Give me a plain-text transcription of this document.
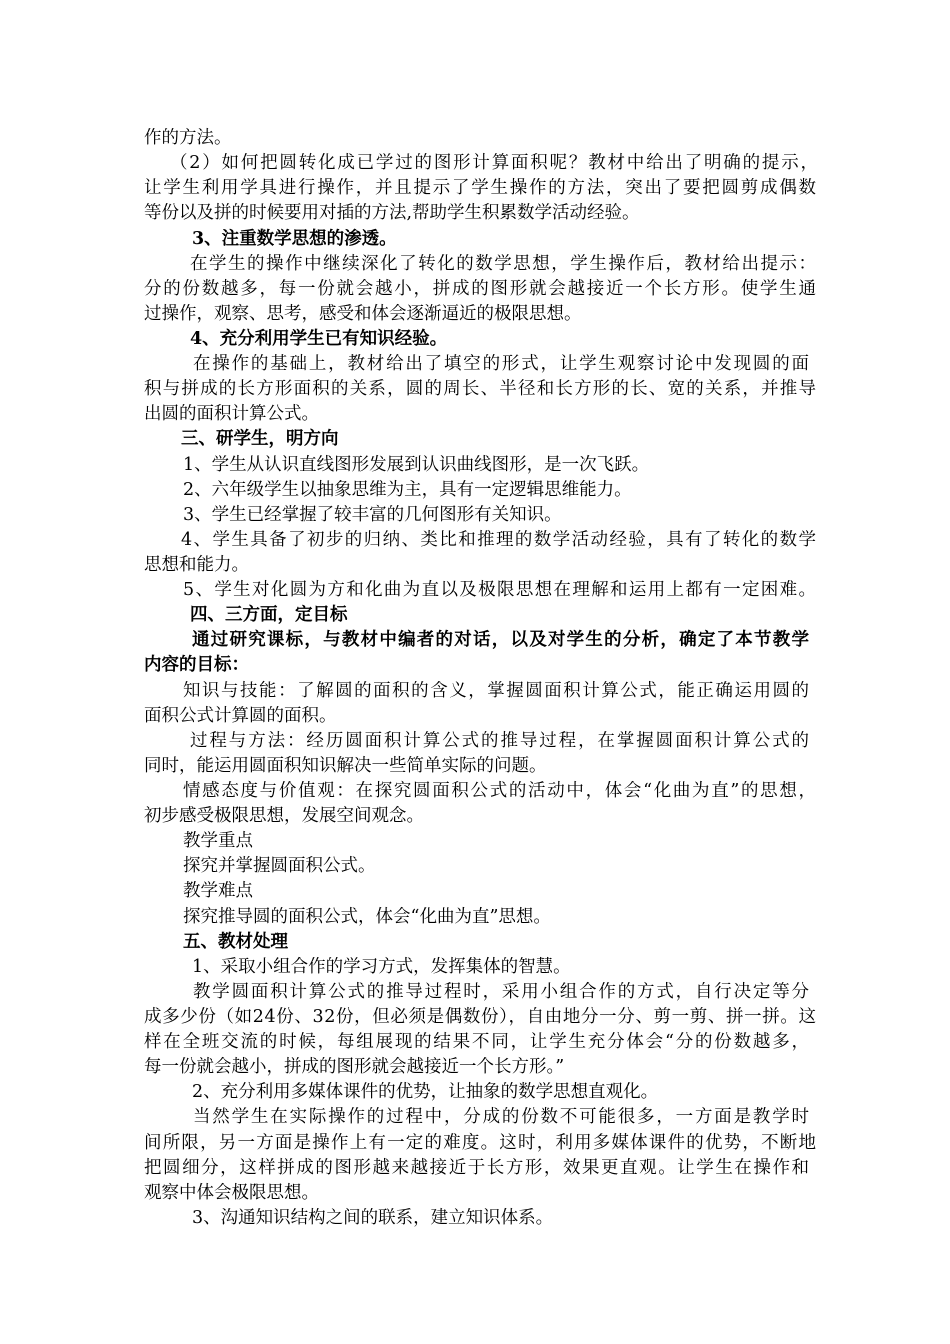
作的方法。
（2）如何把圆转化成已学过的图形计算面积呢？教材中给出了明确的提示，
让学生利用学具进行操作，并且提示了学生操作的方法，突出了要把圆剪成偶数
等份以及拼的时候要用对插的方法,帮助学生积累数学活动经验。
3、注重数学思想的渗透。
在学生的操作中继续深化了转化的数学思想，学生操作后，教材给出提示：
分的份数越多，每一份就会越小，拼成的图形就会越接近一个长方形。使学生通
过操作，观察、思考，感受和体会逐渐逼近的极限思想。
4、充分利用学生已有知识经验。
在操作的基础上，教材给出了填空的形式，让学生观察讨论中发现圆的面
积与拼成的长方形面积的关系，圆的周长、半径和长方形的长、宽的关系，并推导
出圆的面积计算公式。
三、研学生，明方向
1、学生从认识直线图形发展到认识曲线图形，是一次飞跃。
2、六年级学生以抽象思维为主，具有一定逻辑思维能力。
3、学生已经掌握了较丰富的几何图形有关知识。
4、学生具备了初步的归纳、类比和推理的数学活动经验，具有了转化的数学
思想和能力。
5、学生对化圆为方和化曲为直以及极限思想在理解和运用上都有一定困难。
四、三方面，定目标
通过研究课标，与教材中编者的对话，以及对学生的分析，确定了本节教学
内容的目标：
知识与技能：了解圆的面积的含义，掌握圆面积计算公式，能正确运用圆的
面积公式计算圆的面积。
过程与方法：经历圆面积计算公式的推导过程，在掌握圆面积计算公式的
同时，能运用圆面积知识解决一些简单实际的问题。
情感态度与价值观：在探究圆面积公式的活动中，体会“化曲为直”的思想，
初步感受极限思想，发展空间观念。
教学重点
探究并掌握圆面积公式。
教学难点
探究推导圆的面积公式，体会“化曲为直”思想。
五、教材处理
1、采取小组合作的学习方式，发挥集体的智慧。
教学圆面积计算公式的推导过程时，采用小组合作的方式，自行决定等分
成多少份（如24份、32份，但必须是偶数份），自由地分一分、剪一剪、拼一拼。这
样在全班交流的时候，每组展现的结果不同，让学生充分体会“分的份数越多，
每一份就会越小，拼成的图形就会越接近一个长方形。”
2、充分利用多媒体课件的优势，让抽象的数学思想直观化。
当然学生在实际操作的过程中，分成的份数不可能很多，一方面是教学时
间所限，另一方面是操作上有一定的难度。这时，利用多媒体课件的优势，不断地
把圆细分，这样拼成的图形越来越接近于长方形，效果更直观。让学生在操作和
观察中体会极限思想。
3、沟通知识结构之间的联系，建立知识体系。
